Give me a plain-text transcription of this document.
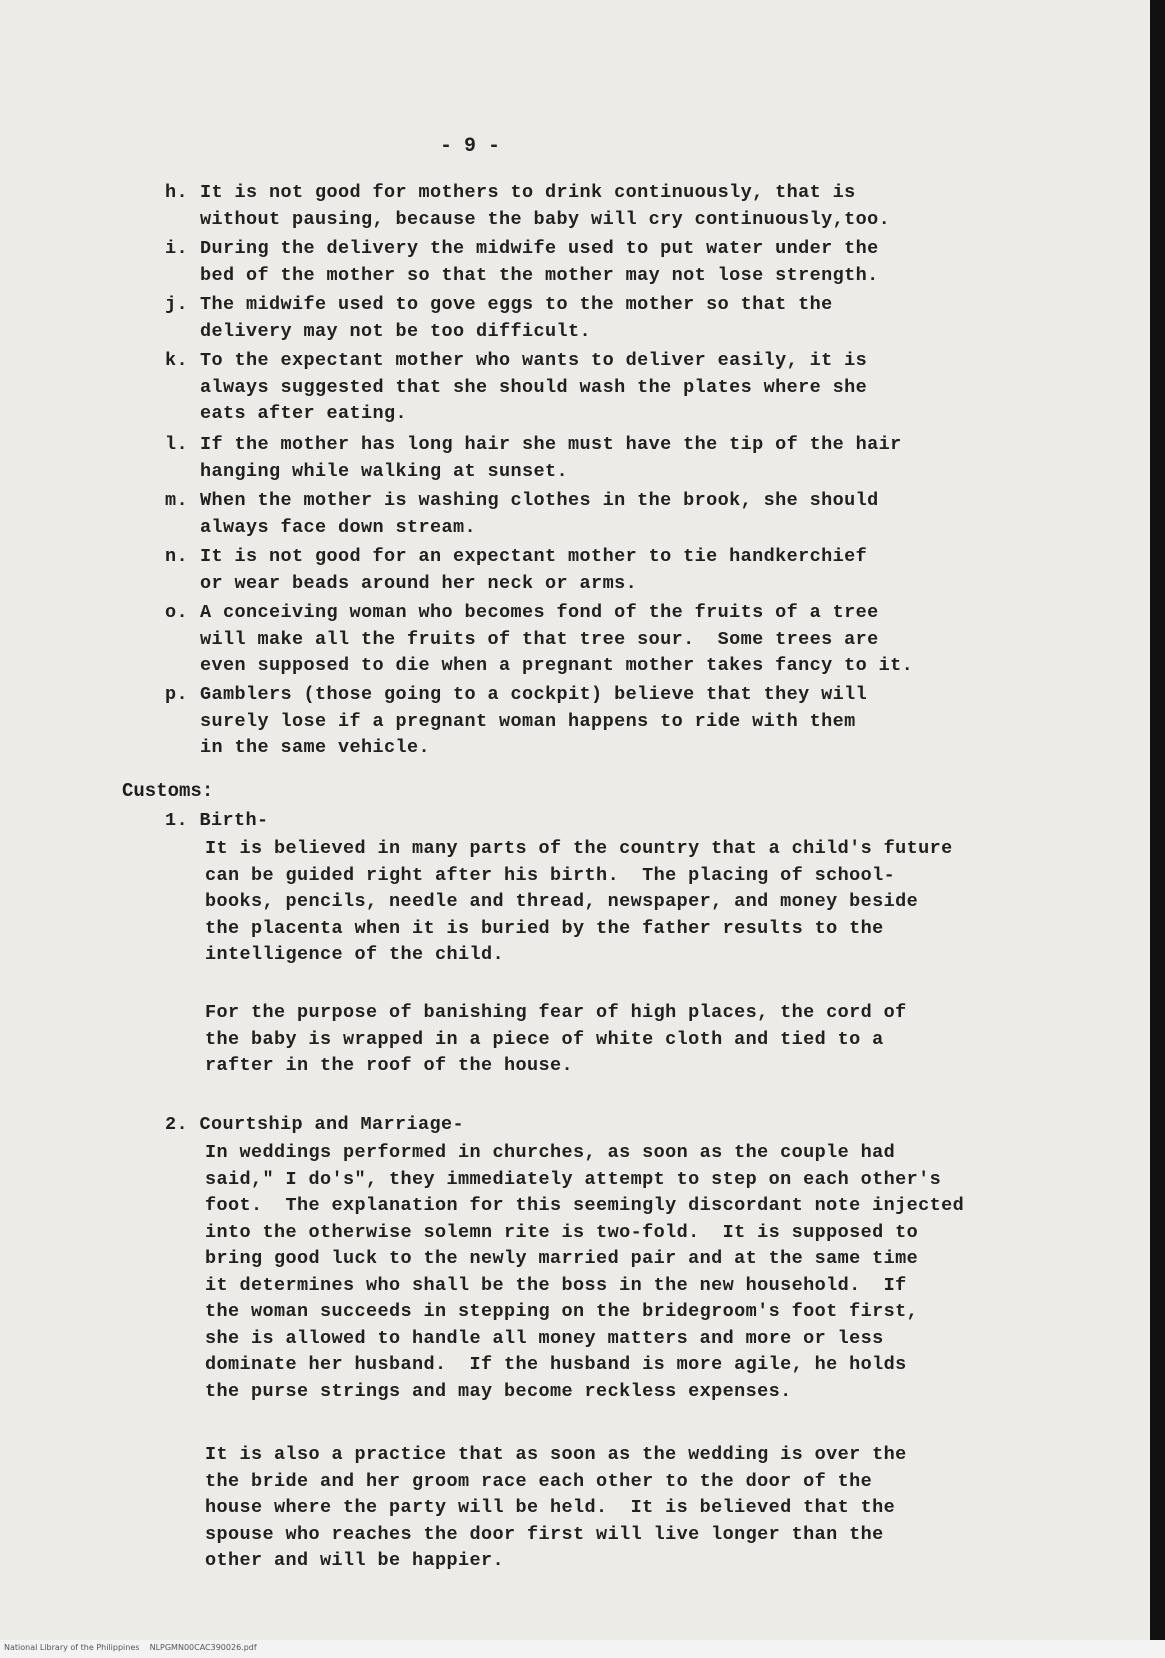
- 9 -
h. It is not good for mothers to drink continuously, that is
without pausing, because the baby will cry continuously,too.
i. During the delivery the midwife used to put water under the
bed of the mother so that the mother may not lose strength.
j. The midwife used to gove eggs to the mother so that the
delivery may not be too difficult.
k. To the expectant mother who wants to deliver easily, it is
always suggested that she should wash the plates where she
eats after eating.
l. If the mother has long hair she must have the tip of the hair
hanging while walking at sunset.
m. When the mother is washing clothes in the brook, she should
always face down stream.
n. It is not good for an expectant mother to tie handkerchief
or wear beads around her neck or arms.
o. A conceiving woman who becomes fond of the fruits of a tree
will make all the fruits of that tree sour.  Some trees are
even supposed to die when a pregnant mother takes fancy to it.
p. Gamblers (those going to a cockpit) believe that they will
surely lose if a pregnant woman happens to ride with them
in the same vehicle.
Customs:
1. Birth-
It is believed in many parts of the country that a child's future
can be guided right after his birth.  The placing of school-
books, pencils, needle and thread, newspaper, and money beside
the placenta when it is buried by the father results to the
intelligence of the child.
For the purpose of banishing fear of high places, the cord of
the baby is wrapped in a piece of white cloth and tied to a
rafter in the roof of the house.
2. Courtship and Marriage-
In weddings performed in churches, as soon as the couple had
said," I do's", they immediately attempt to step on each other's
foot.  The explanation for this seemingly discordant note injected
into the otherwise solemn rite is two-fold.  It is supposed to
bring good luck to the newly married pair and at the same time
it determines who shall be the boss in the new household.  If
the woman succeeds in stepping on the bridegroom's foot first,
she is allowed to handle all money matters and more or less
dominate her husband.  If the husband is more agile, he holds
the purse strings and may become reckless expenses.
It is also a practice that as soon as the wedding is over the
the bride and her groom race each other to the door of the
house where the party will be held.  It is believed that the
spouse who reaches the door first will live longer than the
other and will be happier.
National Library of the Philippines    NLPGMN00CAC390026.pdf
